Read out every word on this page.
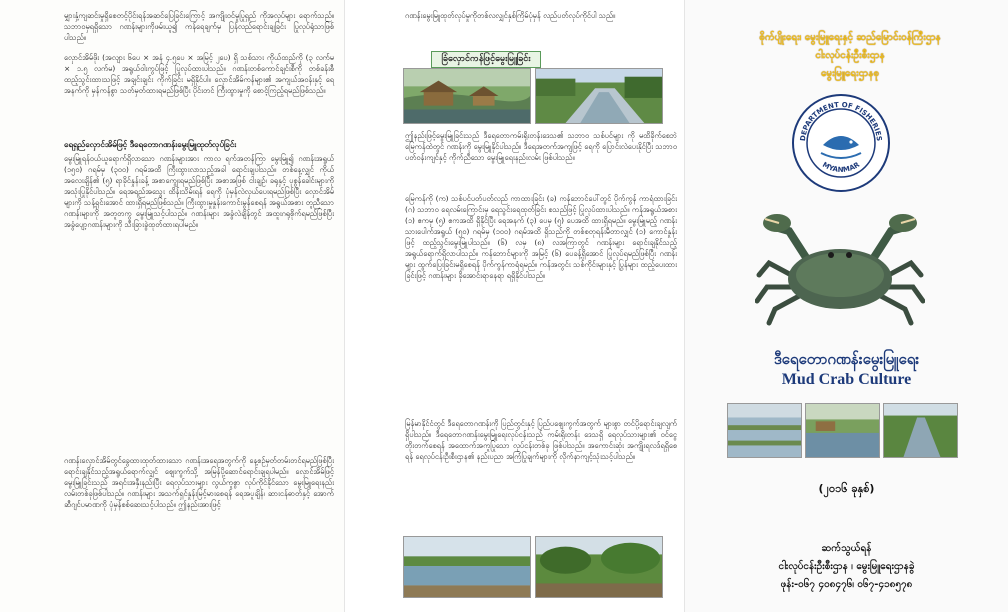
မျှားနှံ့ကျဆင်းမှုရှိစေတင့်ပိုင်းရန်အဆင်ပြေခြင်းကြောင့် အကျိုးဝင်မှုပြုရှည် ကိုအလုပ်များ ရောက်သည်။ သဘာဝမှရရှိသော ဂဏန်းများကိုဖမ်းယူ၍ ကန်ရေချက်မှ ပြန်လည်ရောင်းချခြင်း ပြုလုပ်ရုံသာဖြစ်ပါသည်။

လှောင်အိမ်ဖိုး (အလျား ၆ပေ × အနံ ၄.၅ပေ × အမြင့် ၂ပေ) ရှိ သစ်သား ကိုယ်ထည်ကို (၃ လက်မ × ၁.၅ လက်မ) အရွယ်ဝါးကွပ်ဖြင့် ပြုလုပ်ထားပါသည်။ ဂဏန်းတစ်ကောင်ချင်းစီကို တစ်ခန်းစီ ထည့်သွင်းထားသဖြင့် အချင်းချင်း ကိုက်ခြင်း မရှိနိုင်ပါ။ လှောင်အိမ်ကန်များ၏ အကျယ်အဝန်းနှင့် ရေအနက်ကို မှန်ကန်စွာ သတ်မှတ်ထားရမည်ဖြစ်ပြီး ပိုင်းတင် ကြီးထွားမှုကို စောင့်ကြည့်ရမည်ဖြစ်သည်။

ရေရှည်လှောင်အိမ်ဖြင့် ဒီရေတောဂဏန်းမွေးမြူထုတ်လုပ်ခြင်း

မွေးမြူရန်ဝယ်ယူရောက်ရှိလာသော ဂဏန်းများအား ကာလ ရက်အတန်ကြာ မွေးမြူ၍ ဂဏန်းအရွယ် (၁၅၀) ဂရမ်မှ (၃၀၀) ဂရမ်အထိ ကြီးထွားလာသည့်အခါ ရောင်းချပါသည်။ တစ်နေ့လျှင် ကိုယ်အလေးချိန်၏ (၅) ရာခိုင်နှုန်းခန့် အစာကျွေးရမည်ဖြစ်ပြီး အစာအဖြစ် ငါးချဉ်၊ ခရုနှင့် ပုစွန်ခေါင်းများကို အသုံးပြုနိုင်ပါသည်။ ရေအရည်အသွေး ထိန်းသိမ်းရန် ရေကို ပုံမှန်လဲလှယ်ပေးရမည်ဖြစ်ပြီး လှောင်အိမ်များကို သန့်ရှင်းအောင် ထားရှိရမည်ဖြစ်သည်။ ကြီးထွားမှုနှုန်းကောင်းမွန်စေရန် အရွယ်အစား တူညီသော ဂဏန်းများကို အတူတကွ မွေးမြူသင့်ပါသည်။ ဂဏန်းများ အခွံလဲချိန်တွင် အထူးဂရုစိုက်ရမည်ဖြစ်ပြီး အခွံပျော့ဂဏန်းများကို သီးခြားခွဲထုတ်ထားရပါမည်။

ဂဏန်းလှောင်အိမ်တွင်ခွေထားထုတ်ထားသော ဂဏန်းအရေအတွက်ကို နေ့စဉ်မှတ်တမ်းတင်ရမည်ဖြစ်ပြီး ရောင်းချနိုင်သည့်အရွယ်ရောက်လျှင် ဈေးကွက်သို့ အမြန်ပို့ဆောင်ရောင်းချရပါမည်။ လှောင်အိမ်ဖြင့် မွေးမြူခြင်းသည် အရင်းအနှီးနည်းပြီး ရေလုပ်သားများ လွယ်ကူစွာ လုပ်ကိုင်နိုင်သော မွေးမြူရေးနည်းလမ်းတစ်ခုဖြစ်ပါသည်။ ဂဏန်းများ အသက်ရှင်နှုန်းမြင့်မားစေရန် ရေအပူချိန်၊ ဆားငန်ဓာတ်နှင့် အောက်ဆီဂျင်ပမာဏကို ပုံမှန်စစ်ဆေးသင့်ပါသည်။ ဤနည်းအားဖြင့်

ဂဏန်းမွေးမြူထုတ်လုပ်မှုကိုတစ်လလျှင်နှစ်ကြိမ်ပုံမှန် လည်ပတ်လုပ်ကိုင်ပါ သည်။

ခြံလှောင်ကန်ဖြင့်မွေးမြူခြင်း

ဤနည်းဖြင့်မွေးမြူခြင်းသည် ဒီရေတောကမ်းရိုးတန်းဒေသ၏ သဘာဝ သစ်ပင်များ ကို မထိခိုက်စေဘဲ မြေကန်ထဲတွင် ဂဏန်းကို မွေးမြူနိုင်ပါသည်။ ဒီရေအတက်အကျဖြင့် ရေကို ပြောင်းလဲပေးနိုင်ပြီး သဘာဝ ပတ်ဝန်းကျင်နှင့် ကိုက်ညီသော မွေးမြူရေးနည်းလမ်း ဖြစ်ပါသည်။

မြေကန်ကို (က) သစ်ပင်ပတ်ပတ်လည် ကာထားခြင်း (ခ) ကန်ဘောင်ပေါ်တွင် ပိုက်ကွန် ကာရံထားခြင်း (ဂ) သဘာဝ ရေလမ်းကြောင်းမှ ရေသွင်းရေထုတ်ခြင်း စသည်ဖြင့် ပြုလုပ်ထားပါသည်။ ကန်အရွယ်အစား (၁) ဧကမှ (၅) ဧကအထိ ရှိနိုင်ပြီး ရေအနက် (၃) ပေမှ (၅) ပေအထိ ထားရှိရမည်။ မွေးမြူမည့် ဂဏန်းသားပေါက်အရွယ် (၅၀) ဂရမ်မှ (၁၀၀) ဂရမ်အထိ ရှိသည်ကို တစ်စတုရန်းမီတာလျှင် (၁) ကောင်နှုန်းဖြင့် ထည့်သွင်းမွေးမြူပါသည်။ (၆) လမှ (၈) လအကြာတွင် ဂဏန်းများ ရောင်းချနိုင်သည့် အရွယ်ရောက်ရှိလာပါသည်။ ကန်ဘောင်များကို အမြင့် (၆) ပေခန့်ရှိအောင် ပြုလုပ်ရမည်ဖြစ်ပြီး ဂဏန်းများ ထွက်ပြေးခြင်းမရှိစေရန် ပိုက်ကွန်ကာရံရမည်။ ကန်အတွင်း သစ်ကိုင်းများနှင့် ပြွန်များ ထည့်ပေးထားခြင်းဖြင့် ဂဏန်းများ ခိုအောင်းရာနေရာ ရရှိနိုင်ပါသည်။

မြန်မာနိုင်ငံတွင် ဒီရေတောဂဏန်းကို ပြည်တွင်းနှင့် ပြည်ပဈေးကွက်အတွက် များစွာ တင်ပို့ရောင်းချလျက်ရှိပါသည်။ ဒီရေတောဂဏန်းမွေးမြူရေးလုပ်ငန်းသည် ကမ်းရိုးတန်း ဒေသရှိ ရေလုပ်သားများ၏ ဝင်ငွေတိုးတက်စေရန် အထောက်အကူပြုသော လုပ်ငန်းတစ်ခု ဖြစ်ပါသည်။ အကောင်းဆုံး အကျိုးရလဒ်ရရှိစေရန် ရေလုပ်ငန်းဦးစီးဌာန၏ နည်းပညာ အကြံပြုချက်များကို လိုက်နာကျင့်သုံးသင့်ပါသည်။

စိုက်ပျိုးရေး၊ မွေးမြူရေးနှင့် ဆည်မြောင်းဝန်ကြီးဌာန
ငါးလုပ်ငန်းဦးစီးဌာန
မွေးမြူရေးဌာနစု
DEPARTMENT OF FISHERIES
MYANMAR
ဒီရေတောဂဏန်းမွေးမြူရေး
Mud Crab Culture
(၂၀၁၆ ခုနှစ်)
ဆက်သွယ်ရန်
ငါးလုပ်ငန်းဦးစီးဌာန ၊ မွေးမြူရေးဌာနခွဲ
ဖုန်း-၀၆၇ ၄၀၈၄၇၆၊ ၀၆၇-၄၁၈၅၇၈
